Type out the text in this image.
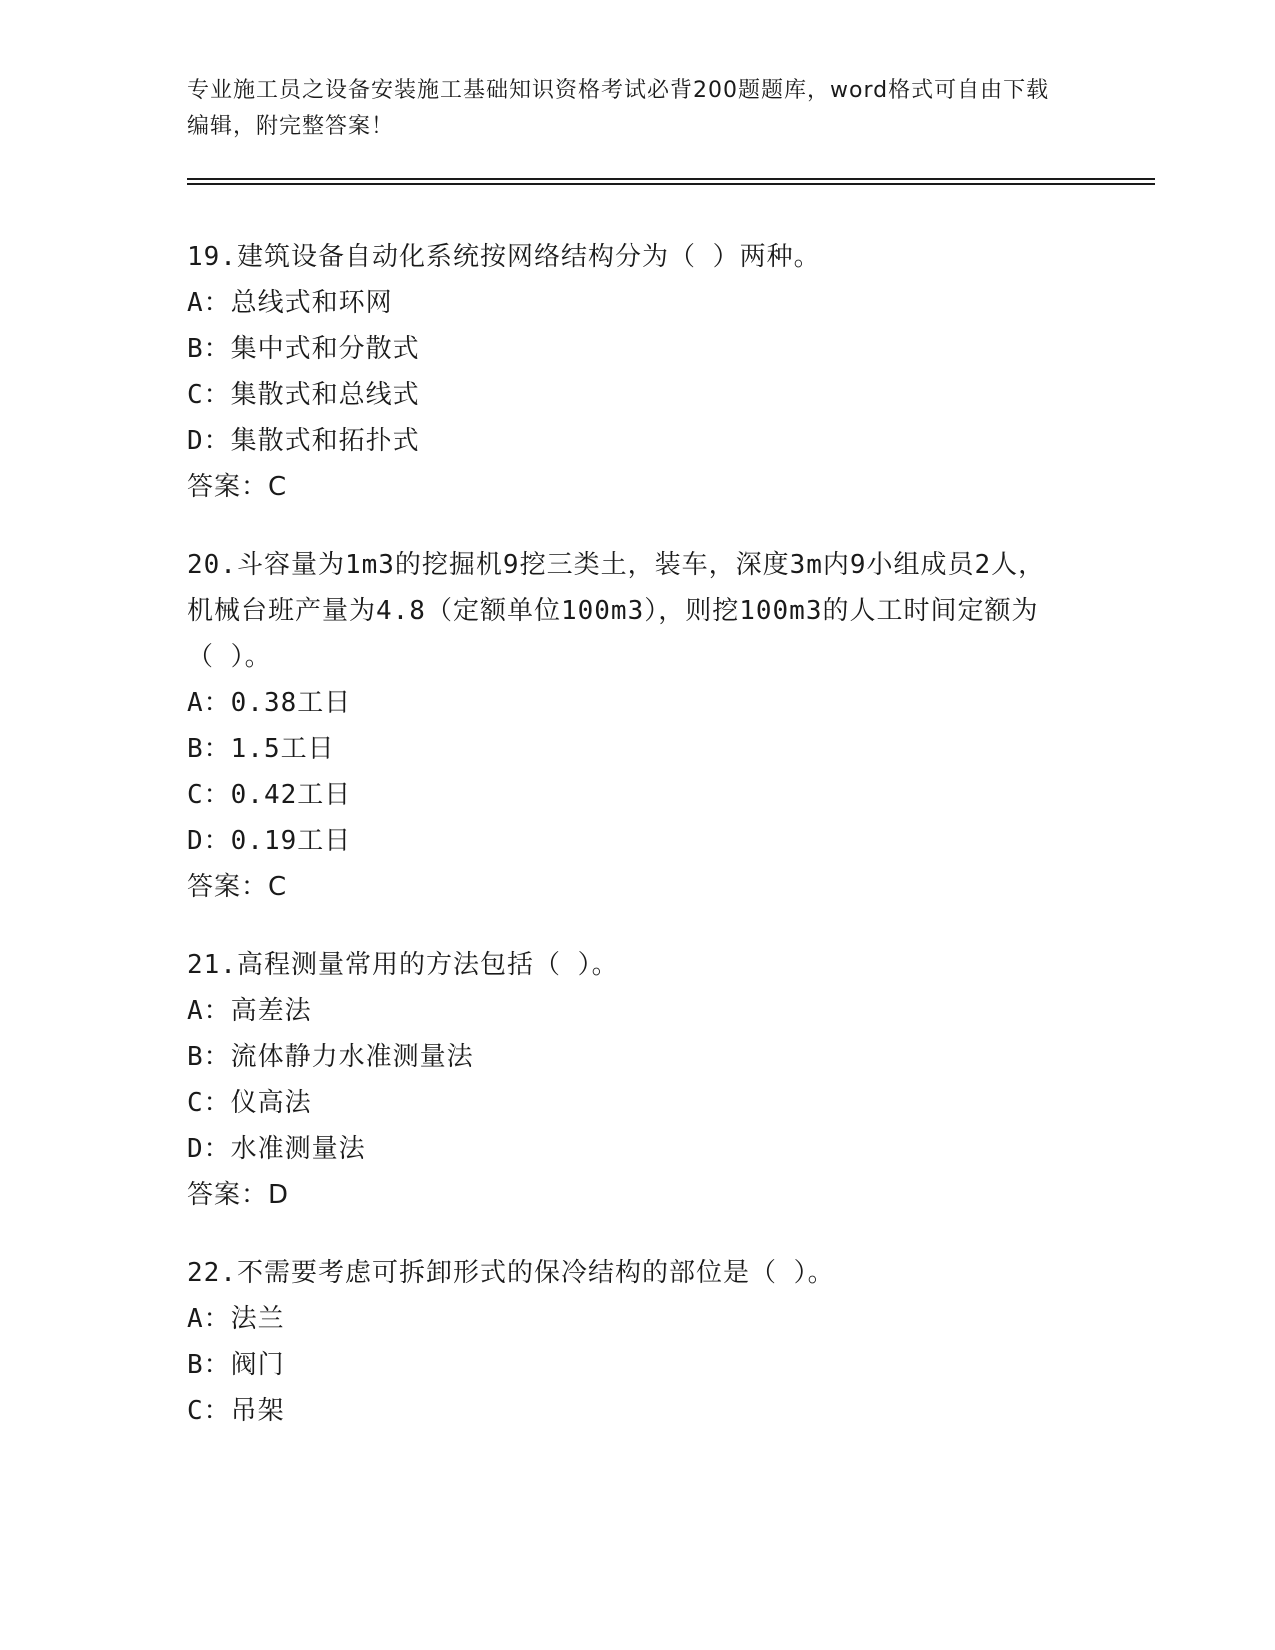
专业施工员之设备安装施工基础知识资格考试必背200题题库，word格式可自由下载编辑，附完整答案！
19.建筑设备自动化系统按网络结构分为（ ）两种。
A：总线式和环网
B：集中式和分散式
C：集散式和总线式
D：集散式和拓扑式
答案：C
20.斗容量为1m3的挖掘机9挖三类土，装车，深度3m内9小组成员2人，机械台班产量为4.8（定额单位100m3），则挖100m3的人工时间定额为（ ）。
A：0.38工日
B：1.5工日
C：0.42工日
D：0.19工日
答案：C
21.高程测量常用的方法包括（ ）。
A：高差法
B：流体静力水准测量法
C：仪高法
D：水准测量法
答案：D
22.不需要考虑可拆卸形式的保冷结构的部位是（ ）。
A：法兰
B：阀门
C：吊架
